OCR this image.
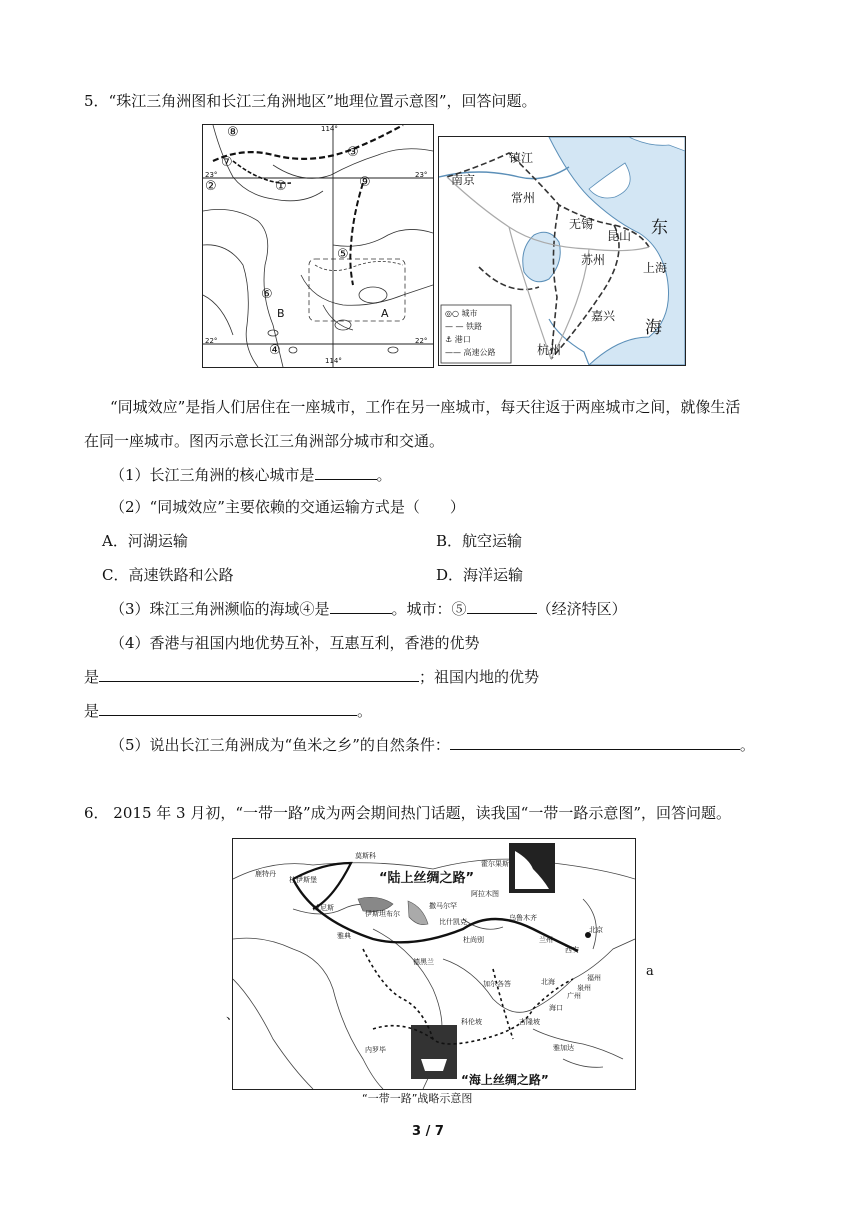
5．“珠江三角洲图和长江三角洲地区”地理位置示意图”，回答问题。
114°
114°
23°	23°
22°	22°
⑧
⑦
③
⑨
②	①
⑤
⑥
④
B	A
镇江
南京
常州
无锡
昆山
苏州
上海
嘉兴
杭州
东
海
◎○ 城市
— — 铁路
⚓ 港口
—— 高速公路
“同城效应”是指人们居住在一座城市，工作在另一座城市，每天往返于两座城市之间，就像生活
在同一座城市。图丙示意长江三角洲部分城市和交通。
（1）长江三角洲的核心城市是	。
（2）“同城效应”主要依赖的交通运输方式是（　　）
A．河湖运输	B．航空运输
C．高速铁路和公路	D．海洋运输
（3）珠江三角洲濒临的海域④是	。城市：⑤	（经济特区）
（4）香港与祖国内地优势互补，互惠互利，香港的优势
是	；祖国内地的优势
是	。
（5）说出长江三角洲成为“鱼米之乡”的自然条件：	。
6． 2015 年 3 月初，“一带一路”成为两会期间热门话题，读我国“一带一路示意图”，回答问题。
“陆上丝绸之路”
“海上丝绸之路”
莫斯科
鹿特丹
杜伊斯堡
威尼斯
伊斯坦布尔
雅典
德黑兰
霍尔果斯
阿拉木图
比什凯克
撒马尔罕
杜尚别
乌鲁木齐
北京
兰州
西安
福州
泉州
广州
海口
北海
加尔各答
科伦坡	吉隆坡
雅加达
内罗毕
“一带一路”战略示意图
a
、
3 / 7
